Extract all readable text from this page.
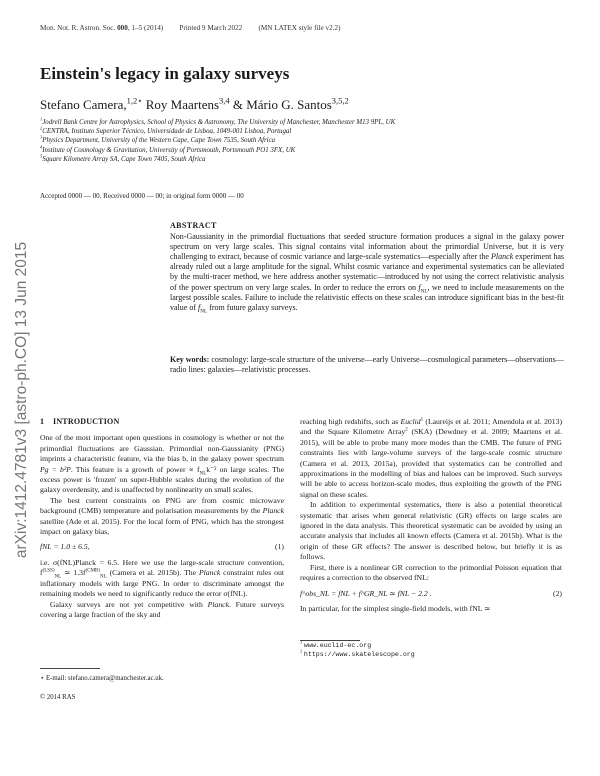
Mon. Not. R. Astron. Soc. 000, 1–5 (2014) Printed 9 March 2022 (MN LATEX style file v2.2)
arXiv:1412.4781v3 [astro-ph.CO] 13 Jun 2015
Einstein's legacy in galaxy surveys
Stefano Camera,$^{1,2⋆}$ Roy Maartens$^{3,4}$ & Mário G. Santos$^{3,5,2}$
$^1$Jodrell Bank Centre for Astrophysics, School of Physics & Astronomy, The University of Manchester, Manchester M13 9PL, UK
$^2$CENTRA, Instituto Superior Técnico, Universidade de Lisboa, 1049-001 Lisboa, Portugal
$^3$Physics Department, University of the Western Cape, Cape Town 7535, South Africa
$^4$Institute of Cosmology & Gravitation, University of Portsmouth, Portsmouth PO1 3FX, UK
$^5$Square Kilometre Array SA, Cape Town 7405, South Africa
Accepted 0000 — 00. Received 0000 — 00; in original form 0000 — 00
ABSTRACT
Non-Gaussianity in the primordial fluctuations that seeded structure formation produces a signal in the galaxy power spectrum on very large scales. This signal contains vital information about the primordial Universe, but it is very challenging to extract, because of cosmic variance and large-scale systematics—especially after the Planck experiment has already ruled out a large amplitude for the signal. Whilst cosmic variance and experimental systematics can be alleviated by the multi-tracer method, we here address another systematic—introduced by not using the correct relativistic analysis of the power spectrum on very large scales. In order to reduce the errors on $f_{NL}$, we need to include measurements on the largest possible scales. Failure to include the relativistic effects on these scales can introduce significant bias in the best-fit value of $f_{NL}$ from future galaxy surveys.
Key words: cosmology: large-scale structure of the universe—early Universe—cosmological parameters—observations—radio lines: galaxies—relativistic processes.
1 INTRODUCTION

One of the most important open questions in cosmology is whether or not the primordial fluctuations are Gaussian. Primordial non-Gaussianity (PNG) imprints a characteristic feature, via the bias b, in the galaxy power spectrum Pg = b²P. This feature is a growth of power ∝ $f_{NL}k^{-2}$ on large scales. The excess power is 'frozen' on super-Hubble scales during the evolution of the galaxy overdensity, and is unaffected by nonlinearity on small scales.

The best current constraints on PNG are from cosmic microwave background (CMB) temperature and polarisation measurements by the Planck satellite (Ade et al. 2015). For the local form of PNG, which has the strongest impact on galaxy bias,

fNL = 1.0 ± 6.5,	(1)

i.e. σ(fNL)Planck = 6.5. Here we use the large-scale structure convention, $f^{(LSS)}_{NL}$ ≃ $1.3f^{(CMB)}_{NL}$ (Camera et al. 2015b). The Planck constraint rules out inflationary models with large PNG. In order to discriminate amongst the remaining models we need to significantly reduce the error σ(fNL).

Galaxy surveys are not yet competitive with Planck. Future surveys covering a large fraction of the sky and

⋆ E-mail: stefano.camera@manchester.ac.uk.
© 2014 RAS

reaching high redshifts, such as Euclid$^1$ (Laureijs et al. 2011; Amendola et al. 2013) and the Square Kilometre Array$^2$ (SKA) (Dewdney et al. 2009; Maartens et al. 2015), will be able to probe many more modes than the CMB. The future of PNG constraints lies with large-volume surveys of the large-scale cosmic structure (Camera et al. 2013, 2015a), provided that systematics can be controlled and approximations in the modelling of bias and haloes can be improved. Such surveys will be able to access horizon-scale modes, thus exploiting the growth of the PNG signal on these scales.

In addition to experimental systematics, there is also a potential theoretical systematic that arises when general relativistic (GR) effects on large scales are ignored in the data analysis. This theoretical systematic can be avoided by using an accurate analysis that includes all known effects (Camera et al. 2015b). What is the origin of these GR effects? The answer is described below, but briefly it is as follows.

First, there is a nonlinear GR correction to the primordial Poisson equation that requires a correction to the observed fNL:

f^obs_NL = fNL + f^GR_NL ≃ fNL − 2.2 .	(2)

In particular, for the simplest single-field models, with fNL ≃

$^1$ www.euclid-ec.org
$^2$ https://www.skatelescope.org
